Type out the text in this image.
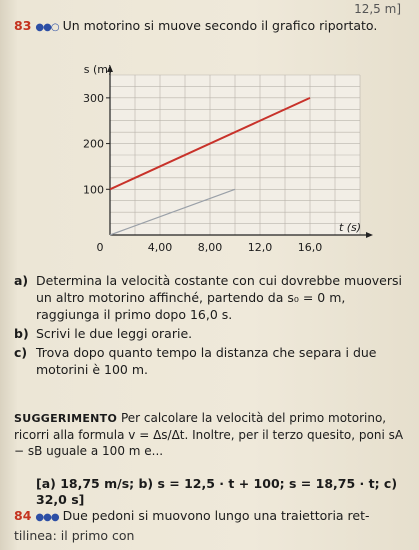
12,5 m]
83 ●●○ Un motorino si muove secondo il grafico riportato.
100
200
300
0	4,00 8,00 12,0 16,0
s (m)
t (s)
a) Determina la velocità costante con cui dovrebbe muoversi un altro motorino affinché, partendo da s₀ = 0 m, raggiunga il primo dopo 16,0 s.
b) Scrivi le due leggi orarie.
c) Trova dopo quanto tempo la distanza che separa i due motorini è 100 m.
SUGGERIMENTO Per calcolare la velocità del primo motorino, ricorri alla formula v = Δs/Δt. Inoltre, per il terzo quesito, poni sA − sB uguale a 100 m e...
[a) 18,75 m/s; b) s = 12,5 · t + 100; s = 18,75 · t; c) 32,0 s]
84 ●●● Due pedoni si muovono lungo una traiettoria ret-
tilinea: il primo con
